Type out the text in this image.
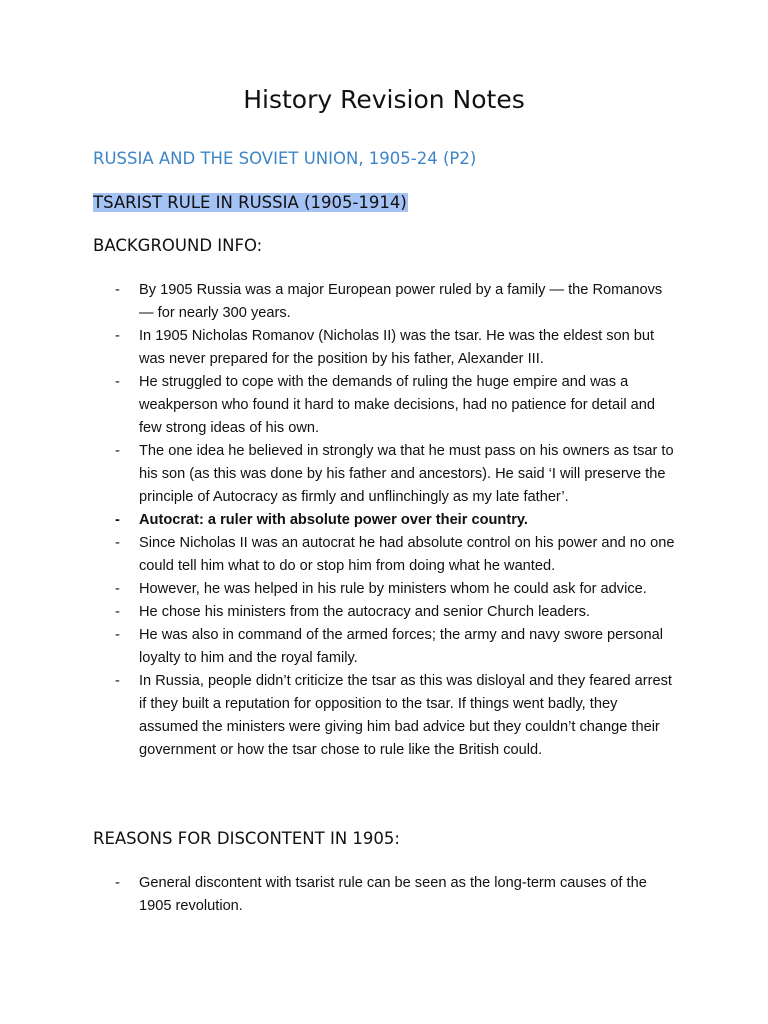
History Revision Notes
RUSSIA AND THE SOVIET UNION, 1905-24 (P2)
TSARIST RULE IN RUSSIA (1905-1914)
BACKGROUND INFO:
- By 1905 Russia was a major European power ruled by a family — the Romanovs — for nearly 300 years.
- In 1905 Nicholas Romanov (Nicholas II) was the tsar. He was the eldest son but was never prepared for the position by his father, Alexander III.
- He struggled to cope with the demands of ruling the huge empire and was a weakperson who found it hard to make decisions, had no patience for detail and few strong ideas of his own.
- The one idea he believed in strongly wa that he must pass on his owners as tsar to his son (as this was done by his father and ancestors). He said ‘I will preserve the principle of Autocracy as firmly and unflinchingly as my late father’.
- Autocrat: a ruler with absolute power over their country.
- Since Nicholas II was an autocrat he had absolute control on his power and no one could tell him what to do or stop him from doing what he wanted.
- However, he was helped in his rule by ministers whom he could ask for advice.
- He chose his ministers from the autocracy and senior Church leaders.
- He was also in command of the armed forces; the army and navy swore personal loyalty to him and the royal family.
- In Russia, people didn’t criticize the tsar as this was disloyal and they feared arrest if they built a reputation for opposition to the tsar. If things went badly, they assumed the ministers were giving him bad advice but they couldn’t change their government or how the tsar chose to rule like the British could.
REASONS FOR DISCONTENT IN 1905:
- General discontent with tsarist rule can be seen as the long-term causes of the 1905 revolution.
